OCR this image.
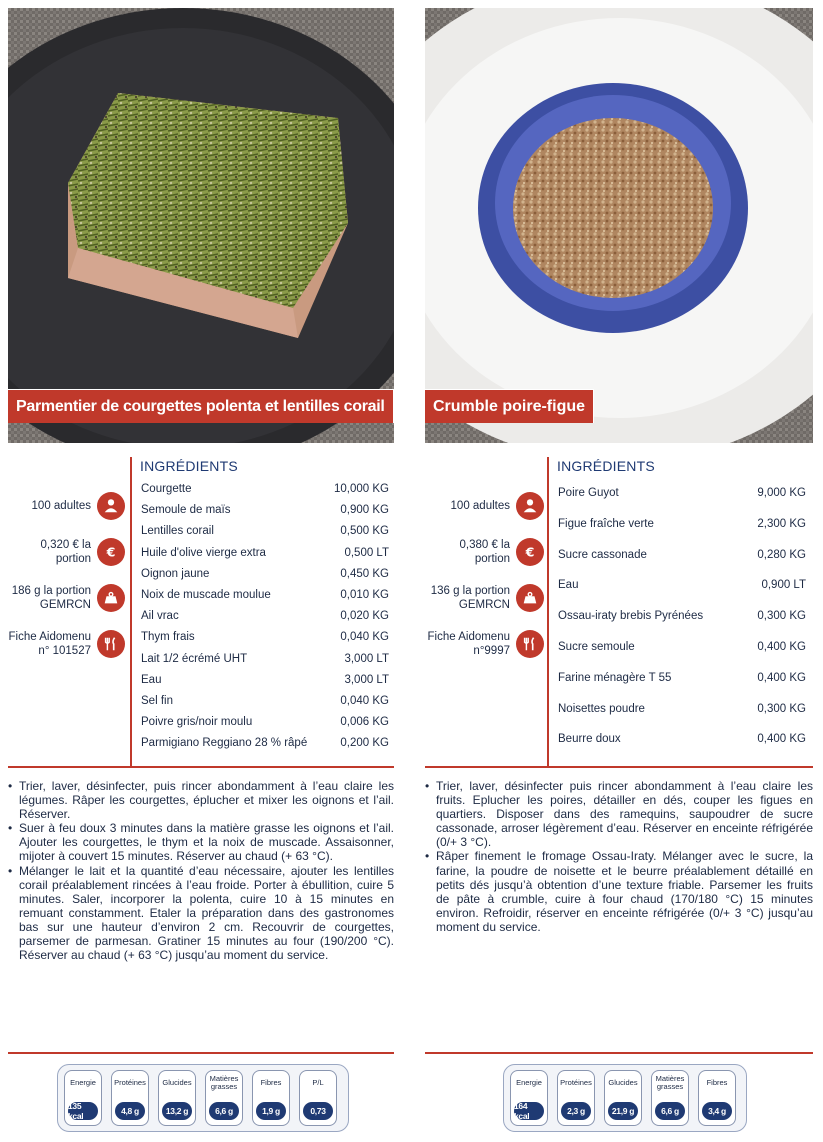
Parmentier de courgettes polenta et lentilles corail	Crumble poire-figue
100 adultes
0,320 € la portion €
186 g la portion GEMRCN
Fiche Aidomenu n° 101527
INGRÉDIENTS
Courgette	10,000 KG
Semoule de maïs	0,900 KG
Lentilles corail	0,500 KG
Huile d'olive vierge extra	0,500 LT
Oignon jaune	0,450 KG
Noix de muscade moulue	0,010 KG
Ail vrac	0,020 KG
Thym frais	0,040 KG
Lait 1/2 écrémé UHT	3,000 LT
Eau	3,000 LT
Sel fin	0,040 KG
Poivre gris/noir moulu	0,006 KG
Parmigiano Reggiano 28 % râpé	0,200 KG
100 adultes
0,380 € la portion €
136 g la portion GEMRCN
Fiche Aidomenu n°9997
INGRÉDIENTS
Poire Guyot	9,000 KG
Figue fraîche verte	2,300 KG
Sucre cassonade	0,280 KG
Eau	0,900 LT
Ossau-iraty brebis Pyrénées	0,300 KG
Sucre semoule	0,400 KG
Farine ménagère T 55	0,400 KG
Noisettes poudre	0,300 KG
Beurre doux	0,400 KG
• Trier, laver, désinfecter, puis rincer abondamment à l’eau claire les légumes. Râper les courgettes, éplucher et mixer les oignons et l’ail. Réserver.
• Suer à feu doux 3 minutes dans la matière grasse les oignons et l’ail. Ajouter les courgettes, le thym et la noix de muscade. Assaisonner, mijoter à couvert 15 minutes. Réserver au chaud (+ 63 °C).
• Mélanger le lait et la quantité d’eau nécessaire, ajouter les lentilles corail préalablement rincées à l’eau froide. Porter à ébullition, cuire 5 minutes. Saler, incorporer la polenta, cuire 10 à 15 minutes en remuant constamment. Etaler la préparation dans des gastronomes bas sur une hauteur d’environ 2 cm. Recouvrir de courgettes, parsemer de parmesan. Gratiner 15 minutes au four (190/200 °C). Réserver au chaud (+ 63 °C) jusqu’au moment du service.
• Trier, laver, désinfecter puis rincer abondamment à l’eau claire les fruits. Eplucher les poires, détailler en dés, couper les figues en quartiers. Disposer dans des ramequins, saupoudrer de sucre cassonade, arroser légèrement d’eau. Réserver en enceinte réfrigérée (0/+ 3 °C).
• Râper finement le fromage Ossau-Iraty. Mélanger avec le sucre, la farine, la poudre de noisette et le beurre préalablement détaillé en petits dés jusqu’à obtention d’une texture friable. Parsemer les fruits de pâte à crumble, cuire à four chaud (170/180 °C) 15 minutes environ. Refroidir, réserver en enceinte réfrigérée (0/+ 3 °C) jusqu’au moment du service.
Energie
135 kcal
Protéines
4,8 g
Glucides
13,2 g
Matières grasses
6,6 g
Fibres
1,9 g
P/L
0,73
Energie
164 kcal
Protéines
2,3 g
Glucides
21,9 g
Matières grasses
6,6 g
Fibres
3,4 g
